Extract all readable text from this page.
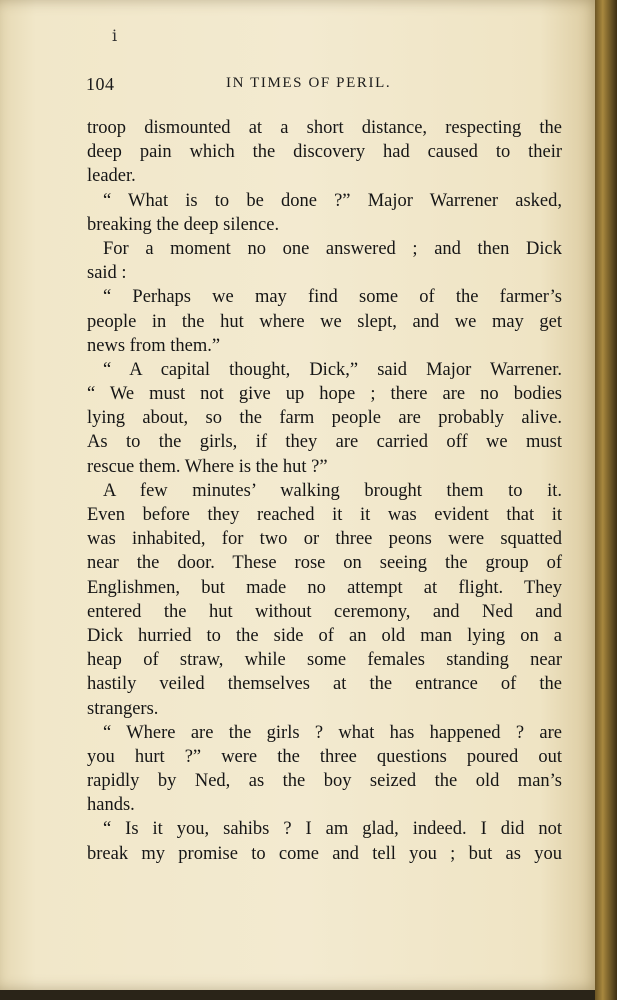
ⅰ
104	IN TIMES OF PERIL.
troop dismounted at a short distance, respecting the
deep pain which the discovery had caused to their
leader.
“ What is to be done ?” Major Warrener asked,
breaking the deep silence.
For a moment no one answered ; and then Dick
said :
“ Perhaps we may find some of the farmer’s
people in the hut where we slept, and we may get
news from them.”
“ A capital thought, Dick,” said Major Warrener.
“ We must not give up hope ; there are no bodies
lying about, so the farm people are probably alive.
As to the girls, if they are carried off we must
rescue them. Where is the hut ?”
A few minutes’ walking brought them to it.
Even before they reached it it was evident that it
was inhabited, for two or three peons were squatted
near the door. These rose on seeing the group of
Englishmen, but made no attempt at flight. They
entered the hut without ceremony, and Ned and
Dick hurried to the side of an old man lying on a
heap of straw, while some females standing near
hastily veiled themselves at the entrance of the
strangers.
“ Where are the girls ? what has happened ? are
you hurt ?” were the three questions poured out
rapidly by Ned, as the boy seized the old man’s
hands.
“ Is it you, sahibs ? I am glad, indeed. I did not
break my promise to come and tell you ; but as you
